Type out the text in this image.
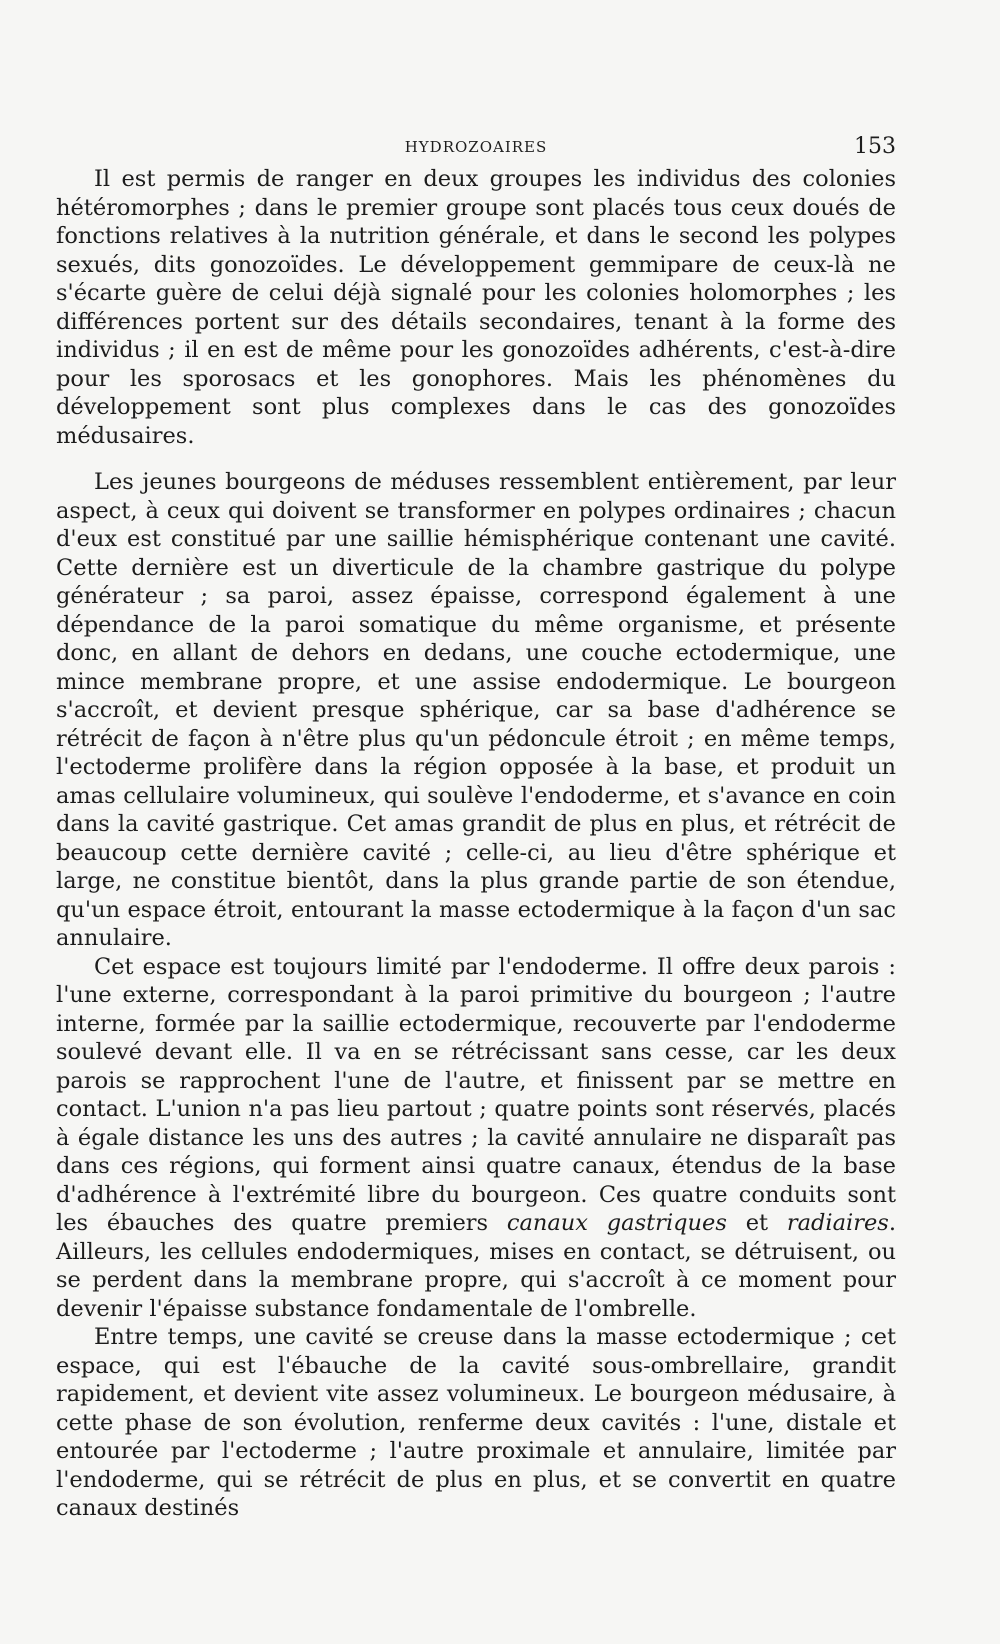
HYDROZOAIRES	153

Il est permis de ranger en deux groupes les individus des colonies hétéromorphes ; dans le premier groupe sont placés tous ceux doués de fonctions relatives à la nutrition générale, et dans le second les polypes sexués, dits gonozoïdes. Le développement gemmipare de ceux-là ne s'écarte guère de celui déjà signalé pour les colonies holomorphes ; les différences portent sur des détails secondaires, tenant à la forme des individus ; il en est de même pour les gonozoïdes adhérents, c'est-à-dire pour les sporosacs et les gonophores. Mais les phénomènes du développement sont plus complexes dans le cas des gonozoïdes médusaires.

Les jeunes bourgeons de méduses ressemblent entièrement, par leur aspect, à ceux qui doivent se transformer en polypes ordinaires ; chacun d'eux est constitué par une saillie hémisphérique contenant une cavité. Cette dernière est un diverticule de la chambre gastrique du polype générateur ; sa paroi, assez épaisse, correspond également à une dépendance de la paroi somatique du même organisme, et présente donc, en allant de dehors en dedans, une couche ectodermique, une mince membrane propre, et une assise endodermique. Le bourgeon s'accroît, et devient presque sphérique, car sa base d'adhérence se rétrécit de façon à n'être plus qu'un pédoncule étroit ; en même temps, l'ectoderme prolifère dans la région opposée à la base, et produit un amas cellulaire volumineux, qui soulève l'endoderme, et s'avance en coin dans la cavité gastrique. Cet amas grandit de plus en plus, et rétrécit de beaucoup cette dernière cavité ; celle-ci, au lieu d'être sphérique et large, ne constitue bientôt, dans la plus grande partie de son étendue, qu'un espace étroit, entourant la masse ectodermique à la façon d'un sac annulaire.

Cet espace est toujours limité par l'endoderme. Il offre deux parois : l'une externe, correspondant à la paroi primitive du bourgeon ; l'autre interne, formée par la saillie ectodermique, recouverte par l'endoderme soulevé devant elle. Il va en se rétrécissant sans cesse, car les deux parois se rapprochent l'une de l'autre, et finissent par se mettre en contact. L'union n'a pas lieu partout ; quatre points sont réservés, placés à égale distance les uns des autres ; la cavité annulaire ne disparaît pas dans ces régions, qui forment ainsi quatre canaux, étendus de la base d'adhérence à l'extrémité libre du bourgeon. Ces quatre conduits sont les ébauches des quatre premiers canaux gastriques et radiaires. Ailleurs, les cellules endodermiques, mises en contact, se détruisent, ou se perdent dans la membrane propre, qui s'accroît à ce moment pour devenir l'épaisse substance fondamentale de l'ombrelle.

Entre temps, une cavité se creuse dans la masse ectodermique ; cet espace, qui est l'ébauche de la cavité sous-ombrellaire, grandit rapidement, et devient vite assez volumineux. Le bourgeon médusaire, à cette phase de son évolution, renferme deux cavités : l'une, distale et entourée par l'ectoderme ; l'autre proximale et annulaire, limitée par l'endoderme, qui se rétrécit de plus en plus, et se convertit en quatre canaux destinés
